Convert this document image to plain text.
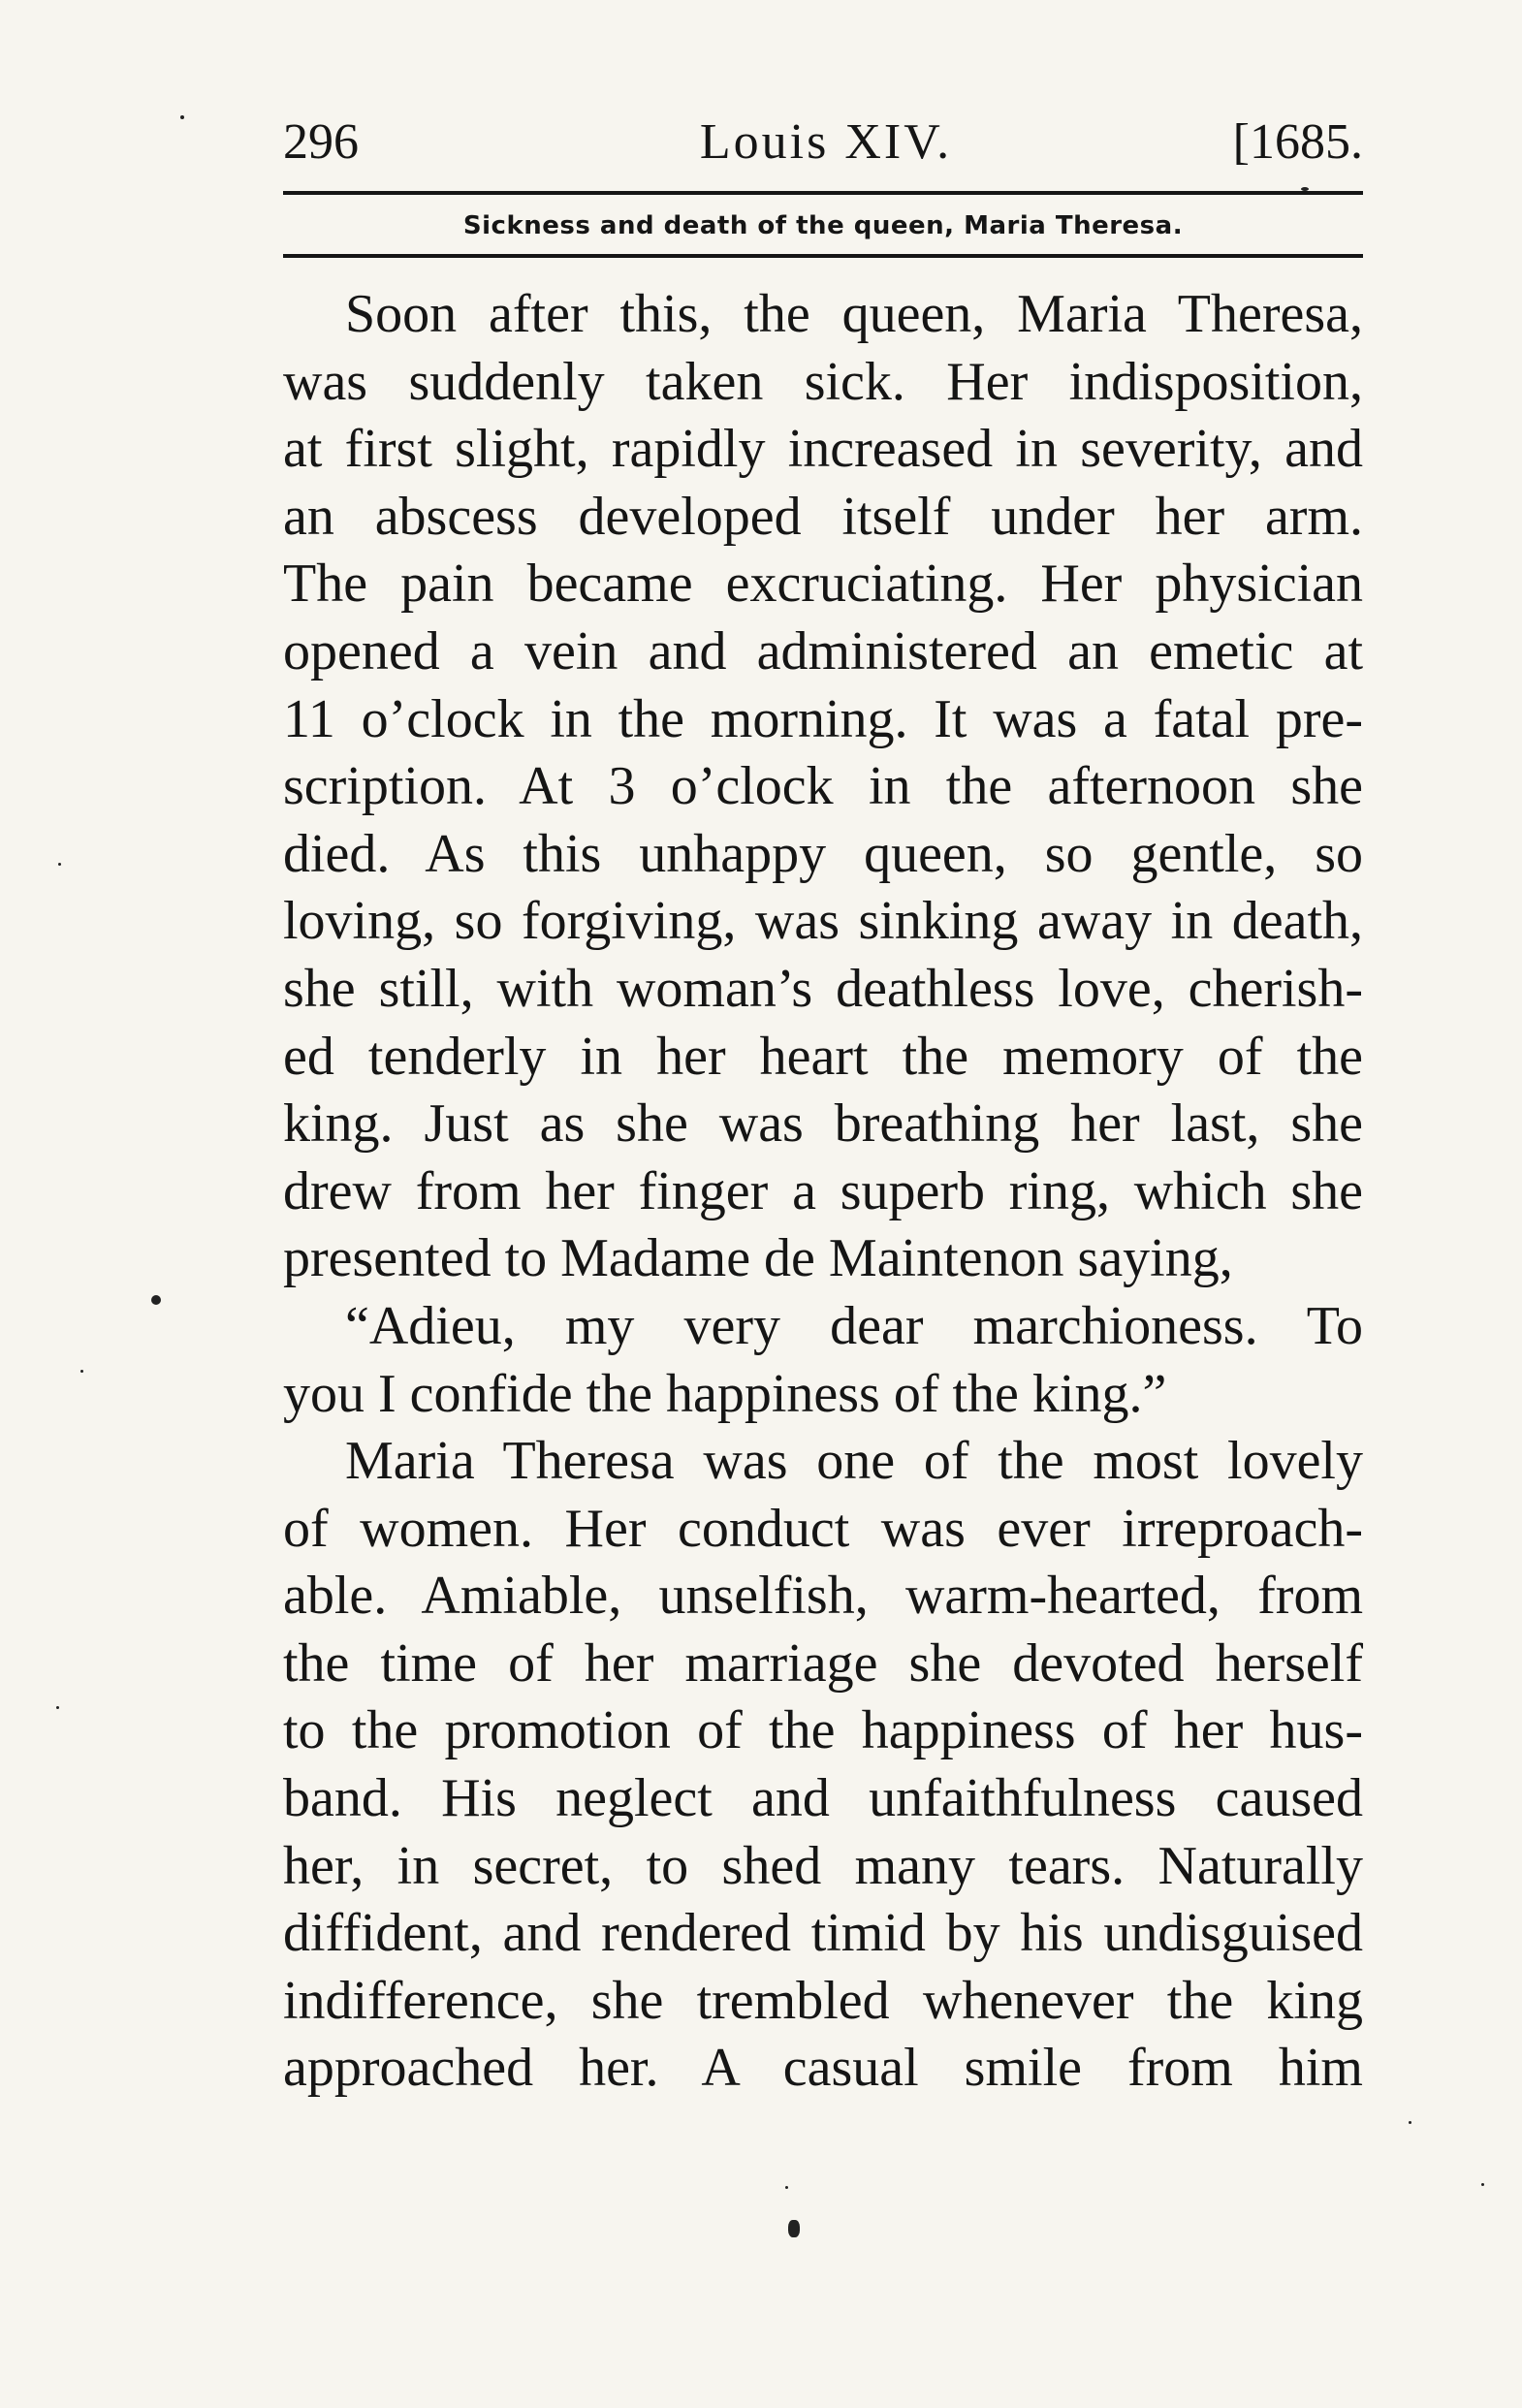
296	Louis XIV.	[1685.
Sickness and death of the queen, Maria Theresa.
Soon after this, the queen, Maria Theresa,
was suddenly taken sick. Her indisposition,
at first slight, rapidly increased in severity, and
an abscess developed itself under her arm.
The pain became excruciating. Her physician
opened a vein and administered an emetic at
11 o’clock in the morning. It was a fatal pre-
scription. At 3 o’clock in the afternoon she
died. As this unhappy queen, so gentle, so
loving, so forgiving, was sinking away in death,
she still, with woman’s deathless love, cherish-
ed tenderly in her heart the memory of the
king. Just as she was breathing her last, she
drew from her finger a superb ring, which she
presented to Madame de Maintenon saying,
“Adieu, my very dear marchioness. To
you I confide the happiness of the king.”
Maria Theresa was one of the most lovely
of women. Her conduct was ever irreproach-
able. Amiable, unselfish, warm-hearted, from
the time of her marriage she devoted herself
to the promotion of the happiness of her hus-
band. His neglect and unfaithfulness caused
her, in secret, to shed many tears. Naturally
diffident, and rendered timid by his undisguised
indifference, she trembled whenever the king
approached her. A casual smile from him
